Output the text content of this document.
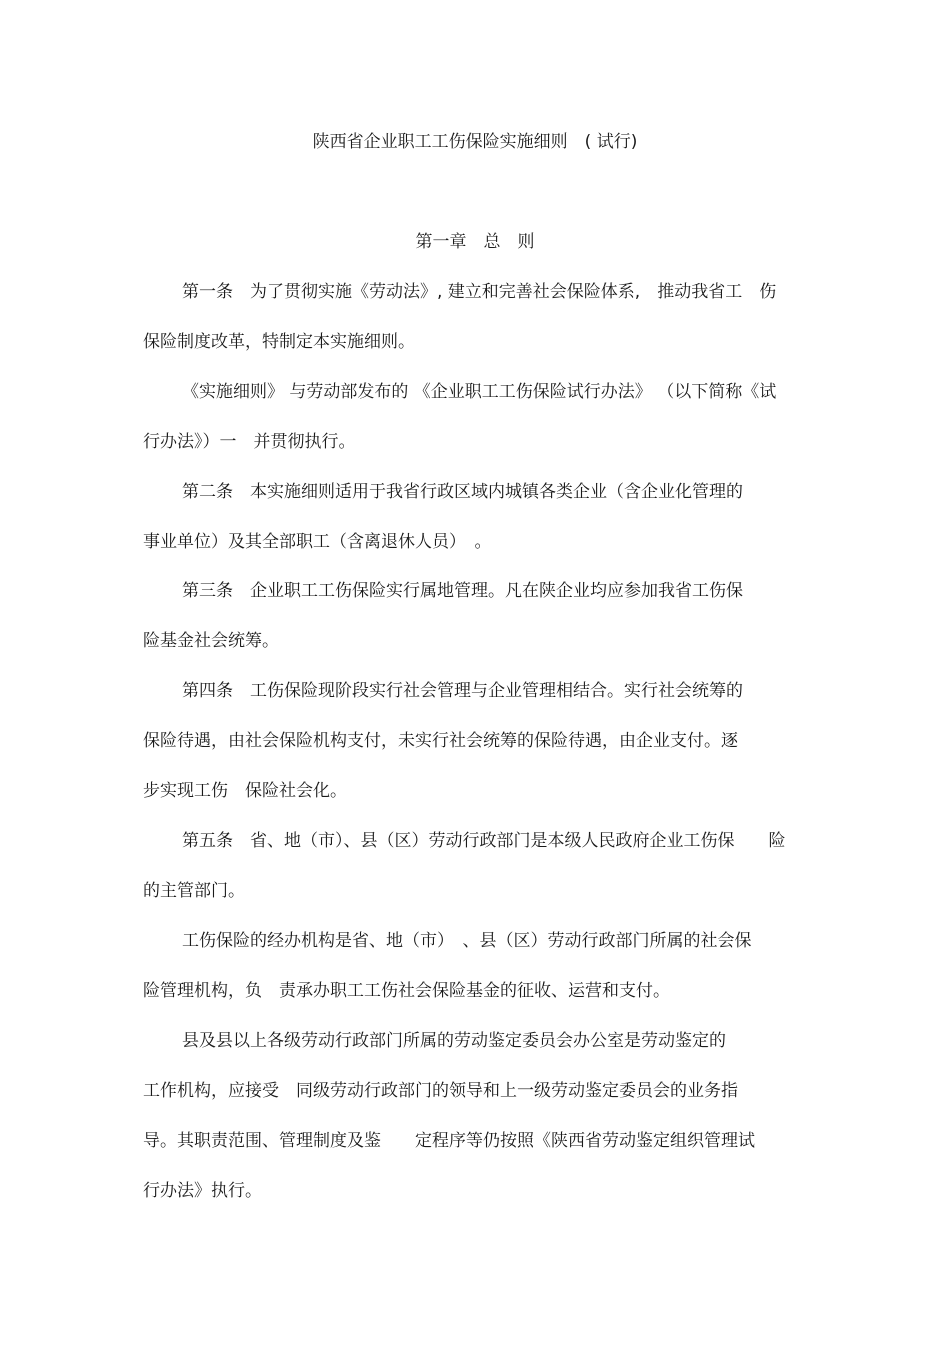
陕西省企业职工工伤保险实施细则　( 试行)

第一章　总　则

第一条　为了贯彻实施《劳动法》, 建立和完善社会保险体系,　推动我省工　伤

保险制度改革，特制定本实施细则。

《实施细则》 与劳动部发布的 《企业职工工伤保险试行办法》 （以下简称《试

行办法》）一　并贯彻执行。

第二条　本实施细则适用于我省行政区域内城镇各类企业（含企业化管理的

事业单位）及其全部职工（含离退休人员）　。

第三条　企业职工工伤保险实行属地管理。凡在陕企业均应参加我省工伤保

险基金社会统筹。

第四条　工伤保险现阶段实行社会管理与企业管理相结合。实行社会统筹的

保险待遇，由社会保险机构支付，未实行社会统筹的保险待遇，由企业支付。逐

步实现工伤　保险社会化。

第五条　省、地（市）、县（区）劳动行政部门是本级人民政府企业工伤保　　险

的主管部门。

工伤保险的经办机构是省、地（市）　、县（区）劳动行政部门所属的社会保

险管理机构，负　责承办职工工伤社会保险基金的征收、运营和支付。

县及县以上各级劳动行政部门所属的劳动鉴定委员会办公室是劳动鉴定的

工作机构，应接受　同级劳动行政部门的领导和上一级劳动鉴定委员会的业务指

导。其职责范围、管理制度及鉴　　定程序等仍按照《陕西省劳动鉴定组织管理试

行办法》执行。
